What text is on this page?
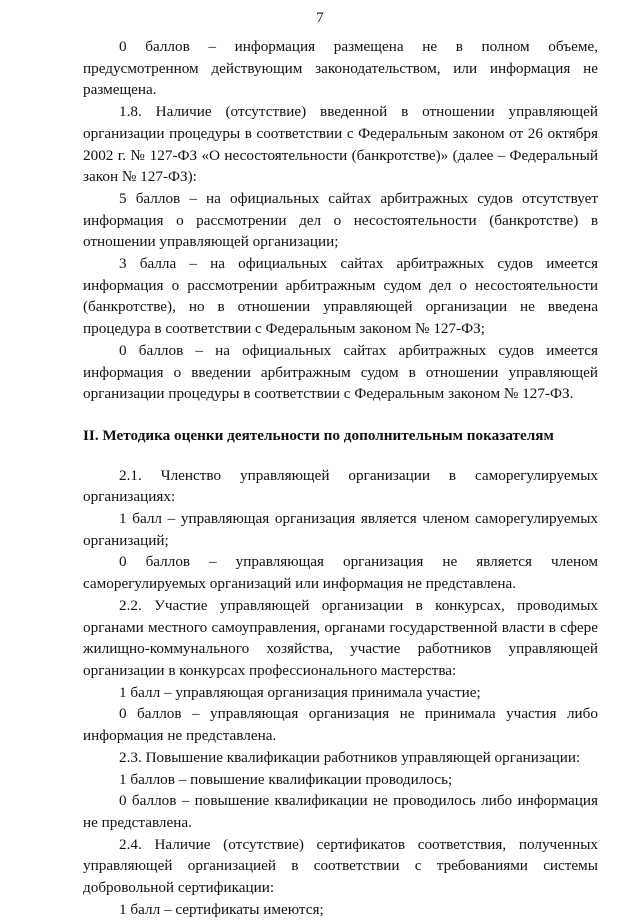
7

0 баллов – информация размещена не в полном объеме, предусмотренном действующим законодательством, или информация не размещена.

1.8. Наличие (отсутствие) введенной в отношении управляющей организации процедуры в соответствии с Федеральным законом от 26 октября 2002 г. № 127-ФЗ «О несостоятельности (банкротстве)» (далее – Федеральный закон № 127-ФЗ):

5 баллов – на официальных сайтах арбитражных судов отсутствует информация о рассмотрении дел о несостоятельности (банкротстве) в отношении управляющей организации;

3 балла – на официальных сайтах арбитражных судов имеется информация о рассмотрении арбитражным судом дел о несостоятельности (банкротстве), но в отношении управляющей организации не введена процедура в соответствии с Федеральным законом № 127-ФЗ;

0 баллов – на официальных сайтах арбитражных судов имеется информация о введении арбитражным судом в отношении управляющей организации процедуры в соответствии с Федеральным законом № 127-ФЗ.

II. Методика оценки деятельности по дополнительным показателям

2.1. Членство управляющей организации в саморегулируемых организациях:

1 балл – управляющая организация является членом саморегулируемых организаций;

0 баллов – управляющая организация не является членом саморегулируемых организаций или информация не представлена.

2.2. Участие управляющей организации в конкурсах, проводимых органами местного самоуправления, органами государственной власти в сфере жилищно-коммунального хозяйства, участие работников управляющей организации в конкурсах профессионального мастерства:

1 балл – управляющая организация принимала участие;

0 баллов – управляющая организация не принимала участия либо информация не представлена.

2.3. Повышение квалификации работников управляющей организации:

1 баллов – повышение квалификации проводилось;

0 баллов – повышение квалификации не проводилось либо информация не представлена.

2.4. Наличие (отсутствие) сертификатов соответствия, полученных управляющей организацией в соответствии с требованиями системы добровольной сертификации:

1 балл – сертификаты имеются;
